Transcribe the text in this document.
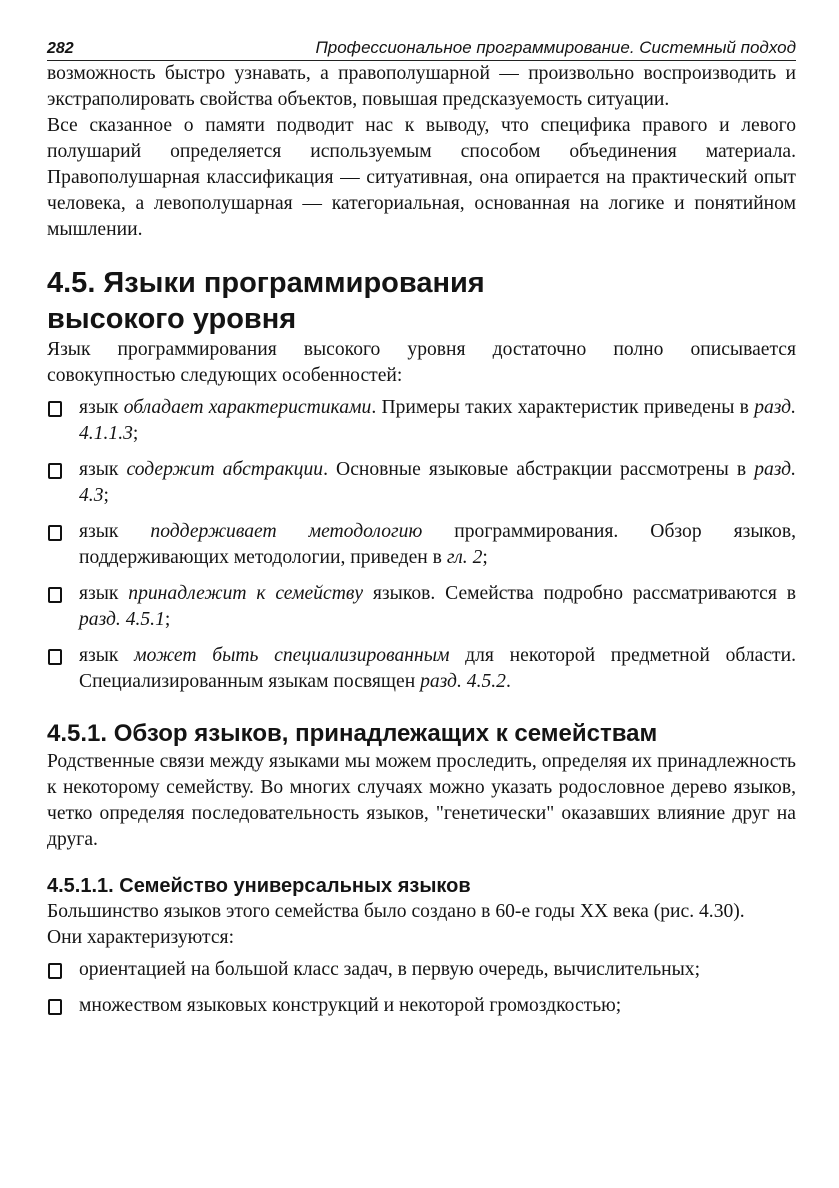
282	Профессиональное программирование. Системный подход

возможность быстро узнавать, а правополушарной — произвольно воспроизводить и экстраполировать свойства объектов, повышая предсказуемость ситуации.

Все сказанное о памяти подводит нас к выводу, что специфика правого и левого полушарий определяется используемым способом объединения материала. Правополушарная классификация — ситуативная, она опирается на практический опыт человека, а левополушарная — категориальная, основанная на логике и понятийном мышлении.

4.5. Языки программирования
высокого уровня

Язык программирования высокого уровня достаточно полно описывается совокупностью следующих особенностей:

язык обладает характеристиками. Примеры таких характеристик приведены в разд. 4.1.1.3;
язык содержит абстракции. Основные языковые абстракции рассмотрены в разд. 4.3;
язык поддерживает методологию программирования. Обзор языков, поддерживающих методологии, приведен в гл. 2;
язык принадлежит к семейству языков. Семейства подробно рассматриваются в разд. 4.5.1;
язык может быть специализированным для некоторой предметной области. Специализированным языкам посвящен разд. 4.5.2.
4.5.1. Обзор языков, принадлежащих к семействам

Родственные связи между языками мы можем проследить, определяя их принадлежность к некоторому семейству. Во многих случаях можно указать родословное дерево языков, четко определяя последовательность языков, "генетически" оказавших влияние друг на друга.

4.5.1.1. Семейство универсальных языков

Большинство языков этого семейства было создано в 60-е годы XX века (рис. 4.30).

Они характеризуются:

ориентацией на большой класс задач, в первую очередь, вычислительных;
множеством языковых конструкций и некоторой громоздкостью;
